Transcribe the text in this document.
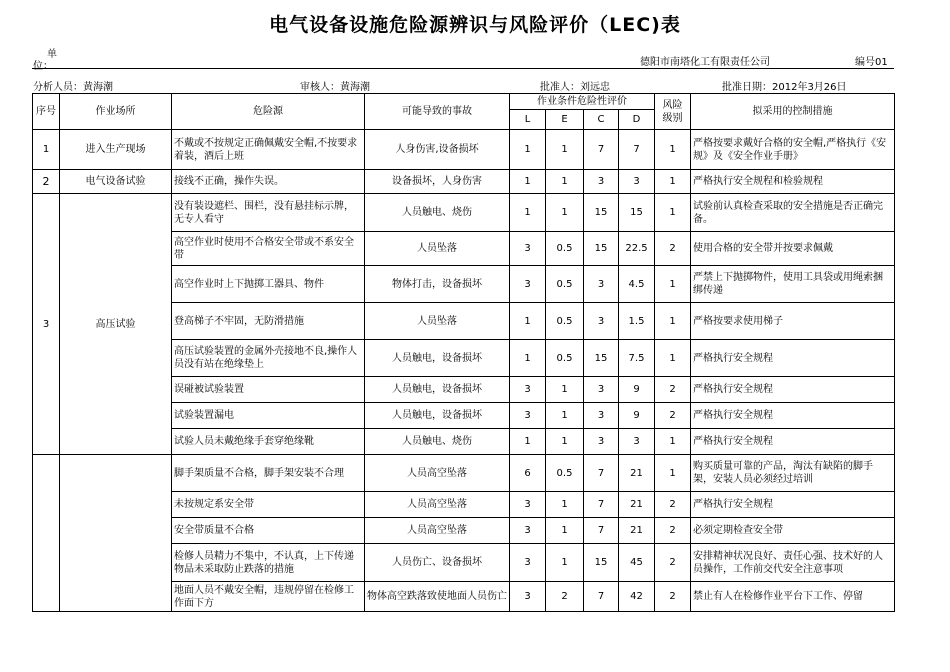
电气设备设施危险源辨识与风险评价（LEC)表
单
位：	德阳市南塔化工有限责任公司	编号01
分析人员：黄海潮	审核人：黄海潮	批准人：刘远忠	批准日期：2012年3月26日
序号	作业场所	危险源	可能导致的事故	作业条件危险性评价				风险
级别	拟采用的控制措施
				L	E	C	D		
1	进入生产现场	不戴或不按规定正确佩戴安全帽,不按要求着装，酒后上班	人身伤害,设备损坏	1	1	7	7	1	严格按要求戴好合格的安全帽,严格执行《安规》及《安全作业手册》
2	电气设备试验	接线不正确，操作失误。	设备损坏，人身伤害	1	1	3	3	1	严格执行安全规程和检验规程
3	高压试验	没有装设遮栏、围栏，没有悬挂标示牌，无专人看守	人员触电、烧伤	1	1	15	15	1	试验前认真检查采取的安全措施是否正确完备。
		高空作业时使用不合格安全带或不系安全带	人员坠落	3	0.5	15	22.5	2	使用合格的安全带并按要求佩戴
		高空作业时上下抛掷工器具、物件	物体打击，设备损坏	3	0.5	3	4.5	1	严禁上下抛掷物件，使用工具袋或用绳索捆绑传递
		登高梯子不牢固，无防滑措施	人员坠落	1	0.5	3	1.5	1	严格按要求使用梯子
		高压试验装置的金属外壳接地不良,操作人员没有站在绝缘垫上	人员触电，设备损坏	1	0.5	15	7.5	1	严格执行安全规程
		误碰被试验装置	人员触电，设备损坏	3	1	3	9	2	严格执行安全规程
		试验装置漏电	人员触电，设备损坏	3	1	3	9	2	严格执行安全规程
		试验人员未戴绝缘手套穿绝缘靴	人员触电、烧伤	1	1	3	3	1	严格执行安全规程
		脚手架质量不合格，脚手架安装不合理	人员高空坠落	6	0.5	7	21	1	购买质量可靠的产品，淘汰有缺陷的脚手架，安装人员必须经过培训
		未按规定系安全带	人员高空坠落	3	1	7	21	2	严格执行安全规程
		安全带质量不合格	人员高空坠落	3	1	7	21	2	必须定期检查安全带
		检修人员精力不集中，不认真，上下传递物品未采取防止跌落的措施	人员伤亡、设备损坏	3	1	15	45	2	安排精神状况良好、责任心强、技术好的人员操作，工作前交代安全注意事项
		地面人员不戴安全帽，违规停留在检修工作面下方	物体高空跌落致使地面人员伤亡	3	2	7	42	2	禁止有人在检修作业平台下工作、停留
